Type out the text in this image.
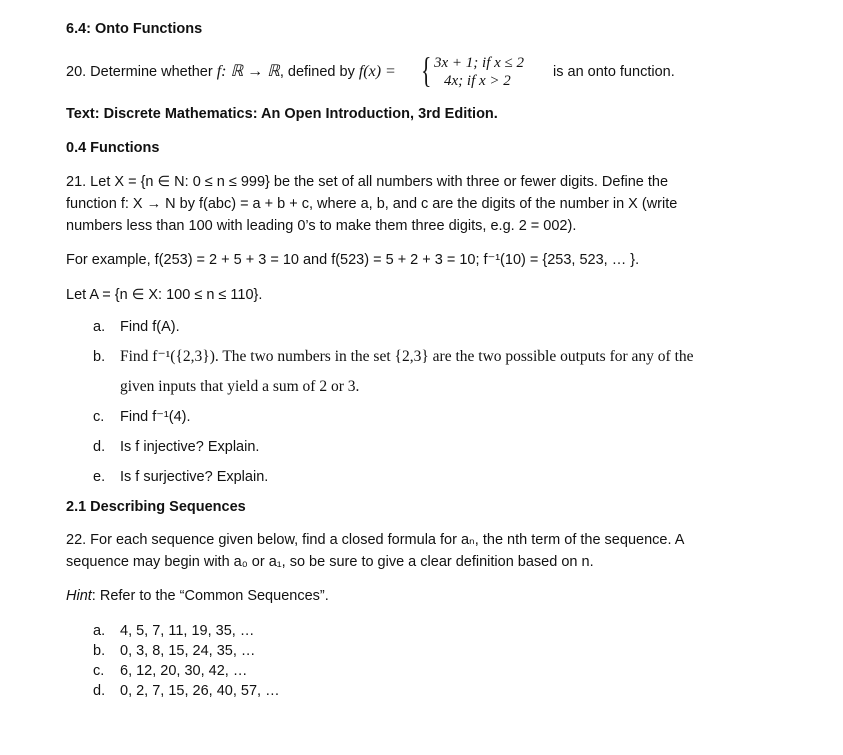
6.4: Onto Functions
20. Determine whether f: ℝ → ℝ, defined by f(x) = { 3x + 1; if x ≤ 2
4x; if x > 2
is an onto function.
Text: Discrete Mathematics: An Open Introduction, 3rd Edition.
0.4 Functions
21. Let X = {n ∈ N: 0 ≤ n ≤ 999} be the set of all numbers with three or fewer digits. Define the
function f: X → N by f(abc) = a + b + c, where a, b, and c are the digits of the number in X (write
numbers less than 100 with leading 0’s to make them three digits, e.g. 2 = 002).
For example, f(253) = 2 + 5 + 3 = 10 and f(523) = 5 + 2 + 3 = 10; f⁻¹(10) = {253, 523, … }.
Let A = {n ∈ X: 100 ≤ n ≤ 110}.
a. Find f(A).
b. Find f⁻¹({2,3}). The two numbers in the set {2,3} are the two possible outputs for any of the
given inputs that yield a sum of 2 or 3.
c. Find f⁻¹(4).
d. Is f injective? Explain.
e. Is f surjective? Explain.
2.1 Describing Sequences
22. For each sequence given below, find a closed formula for aₙ, the nth term of the sequence. A
sequence may begin with a₀ or a₁, so be sure to give a clear definition based on n.
Hint: Refer to the “Common Sequences”.
a. 4, 5, 7, 11, 19, 35, …
b. 0, 3, 8, 15, 24, 35, …
c. 6, 12, 20, 30, 42, …
d. 0, 2, 7, 15, 26, 40, 57, …
